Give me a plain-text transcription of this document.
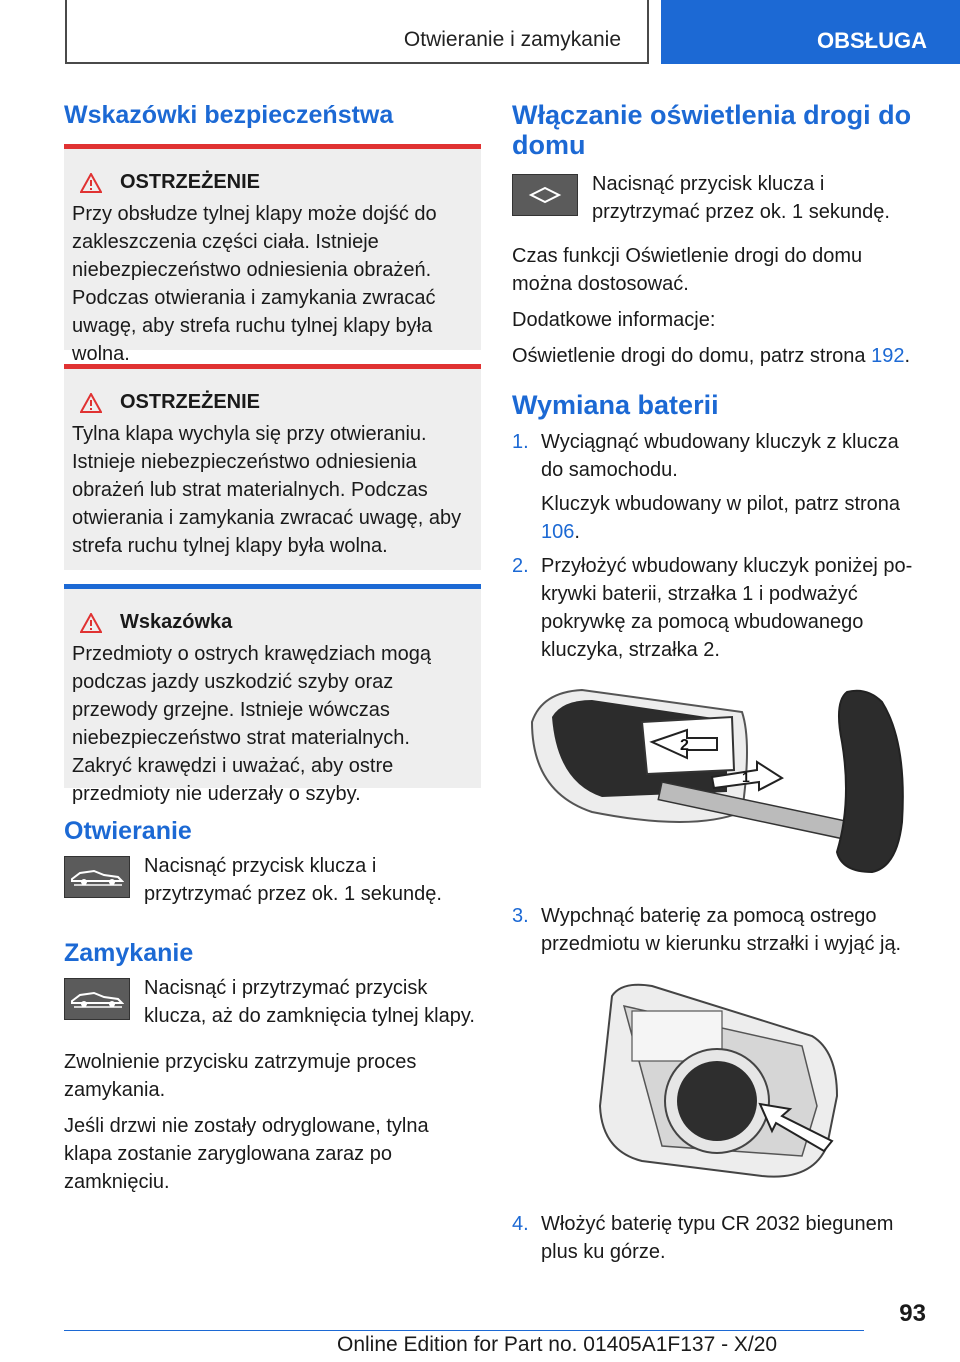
Otwieranie i zamykanie	OBSŁUGA
Wskazówki bezpieczeństwa
OSTRZEŻENIE
Przy obsłudze tylnej klapy może dojść do zakleszczenia części ciała. Istnieje niebezpieczeństwo odniesienia obrażeń. Podczas otwierania i zamykania zwracać uwagę, aby strefa ruchu tylnej klapy była wolna.
OSTRZEŻENIE
Tylna klapa wychyla się przy otwieraniu. Istnieje niebezpieczeństwo odniesienia obrażeń lub strat materialnych. Podczas otwierania i zamykania zwracać uwagę, aby strefa ruchu tylnej klapy była wolna.
Wskazówka
Przedmioty o ostrych krawędziach mogą podczas jazdy uszkodzić szyby oraz przewody grzejne. Istnieje wówczas niebezpieczeństwo strat materialnych. Zakryć krawędzi i uważać, aby ostre przedmioty nie uderzały o szyby.
Otwieranie

Nacisnąć przycisk klucza i przytrzymać przez ok. 1 sekundę.

Zamykanie

Nacisnąć i przytrzymać przycisk klucza, aż do zamknięcia tylnej klapy.

Zwolnienie przycisku zatrzymuje proces zamykania.

Jeśli drzwi nie zostały odryglowane, tylna klapa zostanie zaryglowana zaraz po zamknięciu.

Włączanie oświetlenia drogi do domu

Nacisnąć przycisk klucza i przytrzymać przez ok. 1 sekundę.

Czas funkcji Oświetlenie drogi do domu można dostosować.

Dodatkowe informacje:

Oświetlenie drogi do domu, patrz strona 192.

Wymiana baterii
1. Wyciągnąć wbudowany kluczyk z klucza do samochodu.
Kluczyk wbudowany w pilot, patrz strona 106.
2. Przyłożyć wbudowany kluczyk poniżej pokrywki baterii, strzałka 1 i podważyć pokrywkę za pomocą wbudowanego kluczyka, strzałka 2.
2
1
3. Wypchnąć baterię za pomocą ostrego przedmiotu w kierunku strzałki i wyjąć ją.
4. Włożyć baterię typu CR 2032 biegunem plus ku górze.
93
Online Edition for Part no. 01405A1F137 - X/20
